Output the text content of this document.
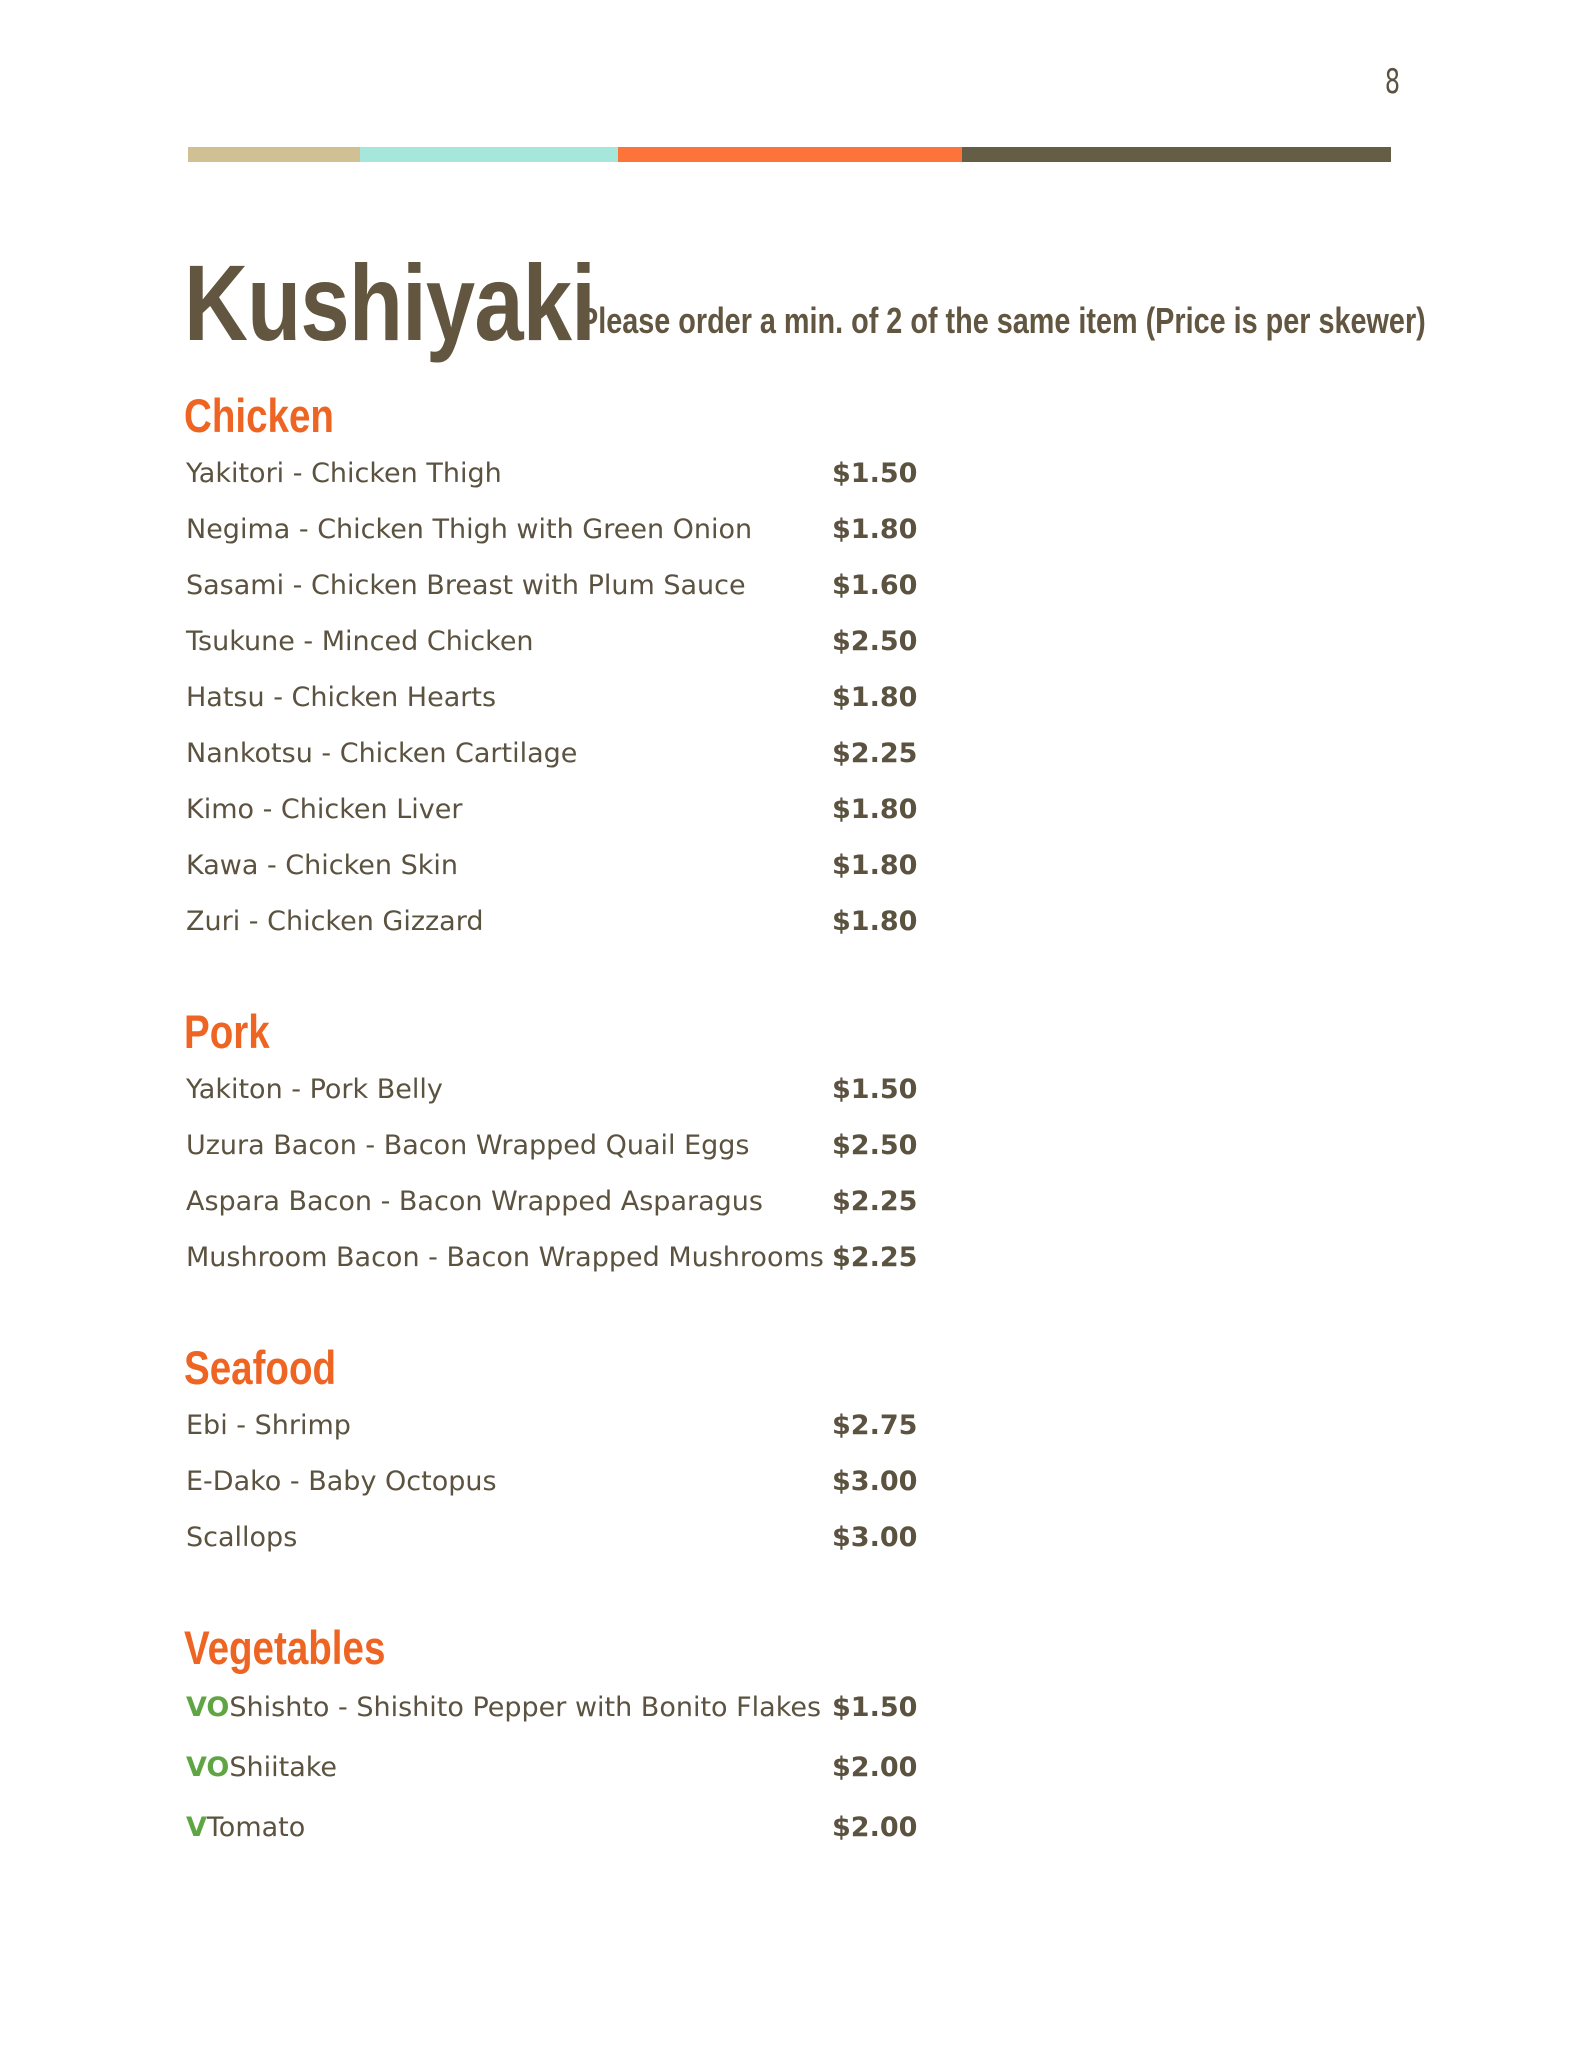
8
Kushiyaki
Please order a min. of 2 of the same item (Price is per skewer)
Chicken
Yakitori - Chicken Thigh	$1.50
Negima - Chicken Thigh with Green Onion	$1.80
Sasami - Chicken Breast with Plum Sauce	$1.60
Tsukune - Minced Chicken	$2.50
Hatsu - Chicken Hearts	$1.80
Nankotsu - Chicken Cartilage	$2.25
Kimo - Chicken Liver	$1.80
Kawa - Chicken Skin	$1.80
Zuri - Chicken Gizzard	$1.80
Pork
Yakiton - Pork Belly	$1.50
Uzura Bacon - Bacon Wrapped Quail Eggs	$2.50
Aspara Bacon - Bacon Wrapped Asparagus	$2.25
Mushroom Bacon - Bacon Wrapped Mushrooms $2.25
Seafood
Ebi - Shrimp	$2.75
E-Dako - Baby Octopus	$3.00
Scallops	$3.00
Vegetables
VOShishto - Shishito Pepper with Bonito Flakes $1.50
VOShiitake	$2.00
VTomato	$2.00
